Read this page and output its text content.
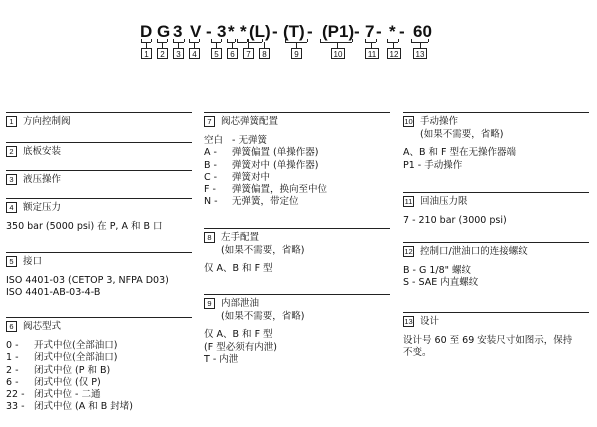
D G 3 V - 3 * * (L) - (T) - (P1) - 7 - * - 60
1	2	3	4	5	6	7	8	9	10	11	12	13
1 方向控制阀
2 底板安装
3 液压操作
4 额定压力
350 bar (5000 psi) 在 P, A 和 B 口
5 接口
ISO 4401-03 (CETOP 3, NFPA D03)
ISO 4401-AB-03-4-B
6 阀芯型式
0 -	开式中位(全部油口)
1 -	闭式中位(全部油口)
2 -	闭式中位 (P 和 B)
6 -	闭式中位 (仅 P)
22 - 闭式中位 - 二通
33 - 闭式中位 (A 和 B 封堵)
7 阀芯弹簧配置
空白 - 无弹簧
A -	弹簧偏置 (单操作器)
B -	弹簧对中 (单操作器)
C -	弹簧对中
F -	弹簧偏置，换向至中位
N -	无弹簧，带定位
8 左手配置
(如果不需要，省略)
仅 A、B 和 F 型
9 内部泄油
(如果不需要，省略)
仅 A、B 和 F 型
(F 型必须有内泄)
T - 内泄
10 手动操作
(如果不需要，省略)
A、B 和 F 型在无操作器端
P1 - 手动操作
11 回油压力限
7 - 210 bar (3000 psi)
12 控制口/泄油口的连接螺纹
B - G 1/8" 螺纹
S - SAE 内直螺纹
13 设计
设计号 60 至 69 安装尺寸如图示，保持
不变。
